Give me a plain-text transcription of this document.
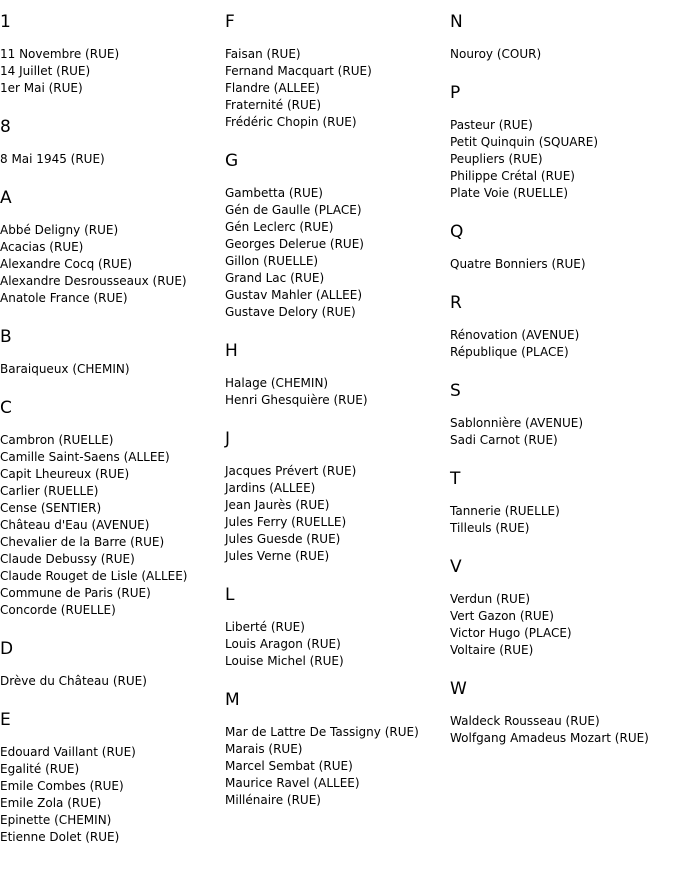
1
11 Novembre (RUE)
14 Juillet (RUE)
1er Mai (RUE)
8
8 Mai 1945 (RUE)
A
Abbé Deligny (RUE)
Acacias (RUE)
Alexandre Cocq (RUE)
Alexandre Desrousseaux (RUE)
Anatole France (RUE)
B
Baraiqueux (CHEMIN)
C
Cambron (RUELLE)
Camille Saint-Saens (ALLEE)
Capit Lheureux (RUE)
Carlier (RUELLE)
Cense (SENTIER)
Château d'Eau (AVENUE)
Chevalier de la Barre (RUE)
Claude Debussy (RUE)
Claude Rouget de Lisle (ALLEE)
Commune de Paris (RUE)
Concorde (RUELLE)
D
Drève du Château (RUE)
E
Edouard Vaillant (RUE)
Egalité (RUE)
Emile Combes (RUE)
Emile Zola (RUE)
Epinette (CHEMIN)
Etienne Dolet (RUE)
F
Faisan (RUE)
Fernand Macquart (RUE)
Flandre (ALLEE)
Fraternité (RUE)
Frédéric Chopin (RUE)
G
Gambetta (RUE)
Gén de Gaulle (PLACE)
Gén Leclerc (RUE)
Georges Delerue (RUE)
Gillon (RUELLE)
Grand Lac (RUE)
Gustav Mahler (ALLEE)
Gustave Delory (RUE)
H
Halage (CHEMIN)
Henri Ghesquière (RUE)
J
Jacques Prévert (RUE)
Jardins (ALLEE)
Jean Jaurès (RUE)
Jules Ferry (RUELLE)
Jules Guesde (RUE)
Jules Verne (RUE)
L
Liberté (RUE)
Louis Aragon (RUE)
Louise Michel (RUE)
M
Mar de Lattre De Tassigny (RUE)
Marais (RUE)
Marcel Sembat (RUE)
Maurice Ravel (ALLEE)
Millénaire (RUE)
N
Nouroy (COUR)
P
Pasteur (RUE)
Petit Quinquin (SQUARE)
Peupliers (RUE)
Philippe Crétal (RUE)
Plate Voie (RUELLE)
Q
Quatre Bonniers (RUE)
R
Rénovation (AVENUE)
République (PLACE)
S
Sablonnière (AVENUE)
Sadi Carnot (RUE)
T
Tannerie (RUELLE)
Tilleuls (RUE)
V
Verdun (RUE)
Vert Gazon (RUE)
Victor Hugo (PLACE)
Voltaire (RUE)
W
Waldeck Rousseau (RUE)
Wolfgang Amadeus Mozart (RUE)
